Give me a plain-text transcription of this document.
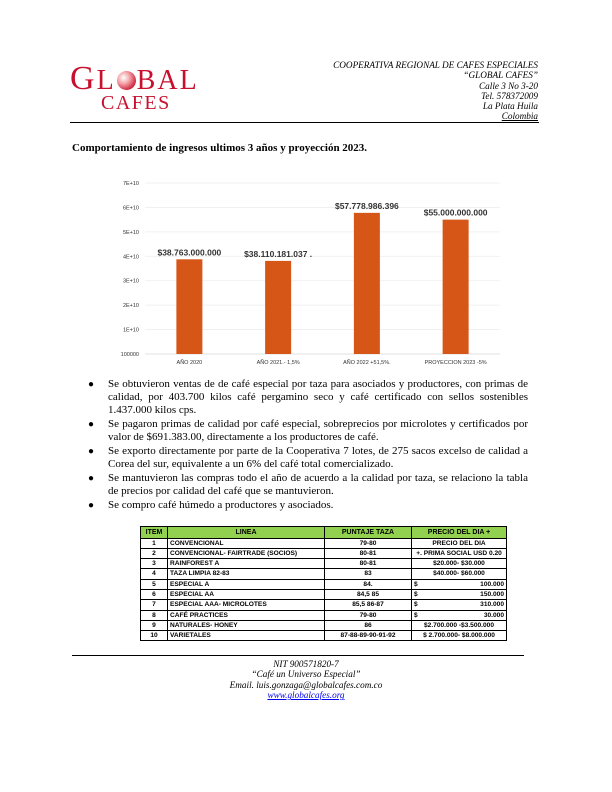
GL BAL
CAFES
COOPERATIVA REGIONAL DE CAFES ESPECIALES
“GLOBAL CAFES”
Calle 3 No 3-20
Tel. 578372009
La Plata Huila
Colombia
Comportamiento de ingresos ultimos 3 años y proyección 2023.
100000
1E+10
2E+10
3E+10
4E+10
5E+10
6E+10
7E+10
$38.763.000.000
AÑO 2020
$38.110.181.037 .
AÑO 2021.- 1,5%
$57.778.986.396
AÑO 2022 +51,5%.
$55.000.000.000
PROYECCION 2023 -5%
● Se obtuvieron ventas de de café especial por taza para asociados y productores, con primas de calidad, por 403.700 kilos café pergamino seco y café certificado con sellos sostenibles 1.437.000 kilos cps.
● Se pagaron primas de calidad por café especial, sobreprecios por microlotes y certificados por valor de $691.383.00, directamente a los productores de café.
● Se exporto directamente por parte de la Cooperativa 7 lotes, de 275 sacos excelso de calidad a Corea del sur, equivalente a un 6% del café total comercializado.
● Se mantuvieron las compras todo el año de acuerdo a la calidad por taza, se relaciono la tabla de precios por calidad del café que se mantuvieron.
● Se compro café húmedo a productores y asociados.
ITEM	LINEA	PUNTAJE TAZA	PRECIO DEL DIA +
1	CONVENCIONAL	79-80	PRECIO DEL DIA
2	CONVENCIONAL- FAIRTRADE (SOCIOS)	80-81	+. PRIMA SOCIAL USD 0.20
3	RAINFOREST A	80-81	$20.000- $30.000
4	TAZA LIMPIA 82-83	83	$40.000- $60.000
5	ESPECIAL A	84.	$ 100.000

6	ESPECIAL AA	84,5 85	$ 150.000

7	ESPECIAL AAA- MICROLOTES	85,5 86-87	$ 310.000

8	CAFÉ PRACTICES	79-80	$ 30.000

9	NATURALES- HONEY	86	$2.700.000 -$3.500.000
10	VARIETALES	87-88-89-90-91-92	$ 2.700.000- $8.000.000
NIT 900571820-7
“Café un Universo Especial”
Email. luis.gonzaga@globalcafes.com.co
www.globalcafes.org
